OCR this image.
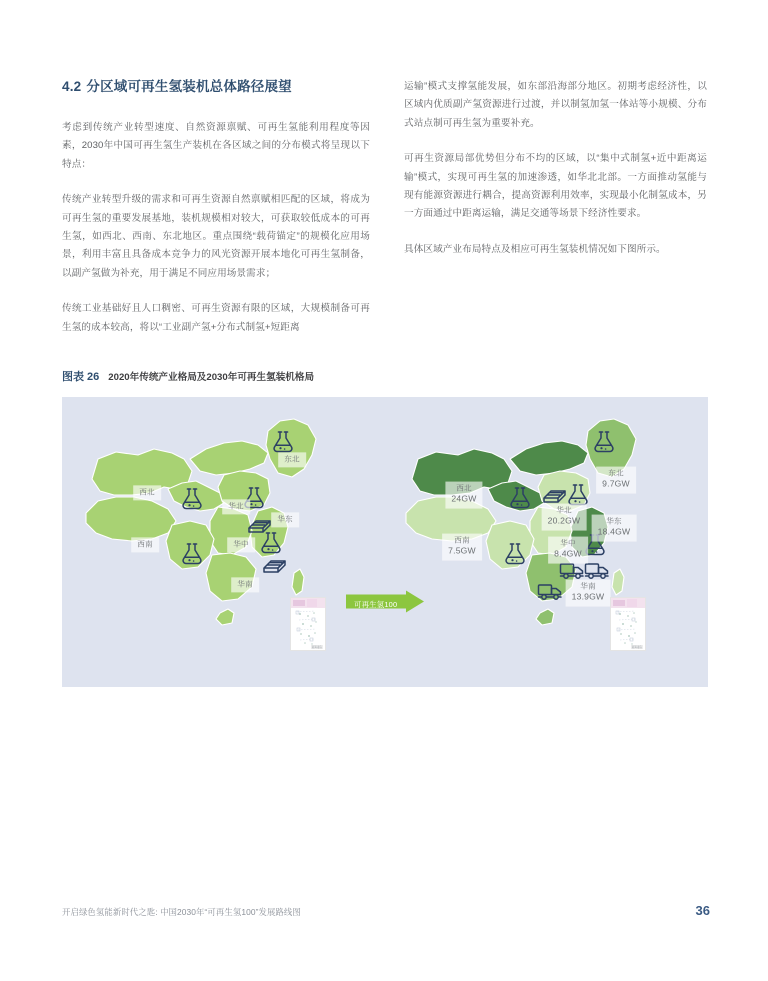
4.2 分区域可再生氢装机总体路径展望

考虑到传统产业转型速度、自然资源禀赋、可再生氢能利用程度等因素，2030年中国可再生氢生产装机在各区域之间的分布模式将呈现以下特点：

传统产业转型升级的需求和可再生资源自然禀赋相匹配的区域，将成为可再生氢的重要发展基地，装机规模相对较大，可获取较低成本的可再生氢，如西北、西南、东北地区。重点围绕“载荷锚定”的规模化应用场景，利用丰富且具备成本竞争力的风光资源开展本地化可再生氢制备，以副产氢做为补充，用于满足不同应用场景需求；

传统工业基础好且人口稠密、可再生资源有限的区域，大规模制备可再生氢的成本较高，将以“工业副产氢+分布式制氢+短距离

运输”模式支撑氢能发展，如东部沿海部分地区。初期考虑经济性，以区域内优质副产氢资源进行过渡，并以制氢加氢一体站等小规模、分布式站点制可再生氢为重要补充。

可再生资源局部优势但分布不均的区域，以“集中式制氢+近中距离运输”模式，实现可再生氢的加速渗透，如华北北部。一方面推动氢能与现有能源资源进行耦合，提高资源利用效率，实现最小化制氢成本，另一方面通过中距离运输，满足交通等场景下经济性要求。

具体区域产业布局特点及相应可再生氢装机情况如下图所示。

图表 26 2020年传统产业格局及2030年可再生氢装机格局
西北
西南
东北
华北
华东
华中
华南
南海诸岛
可再生氢100
西北
24GW
西南
7.5GW
东北
9.7GW
华北
20.2GW	华东
18.4GW
华中
8.4GW
华南
13.9GW
南海诸岛
开启绿色氢能新时代之匙: 中国2030年“可再生氢100”发展路线图	36
